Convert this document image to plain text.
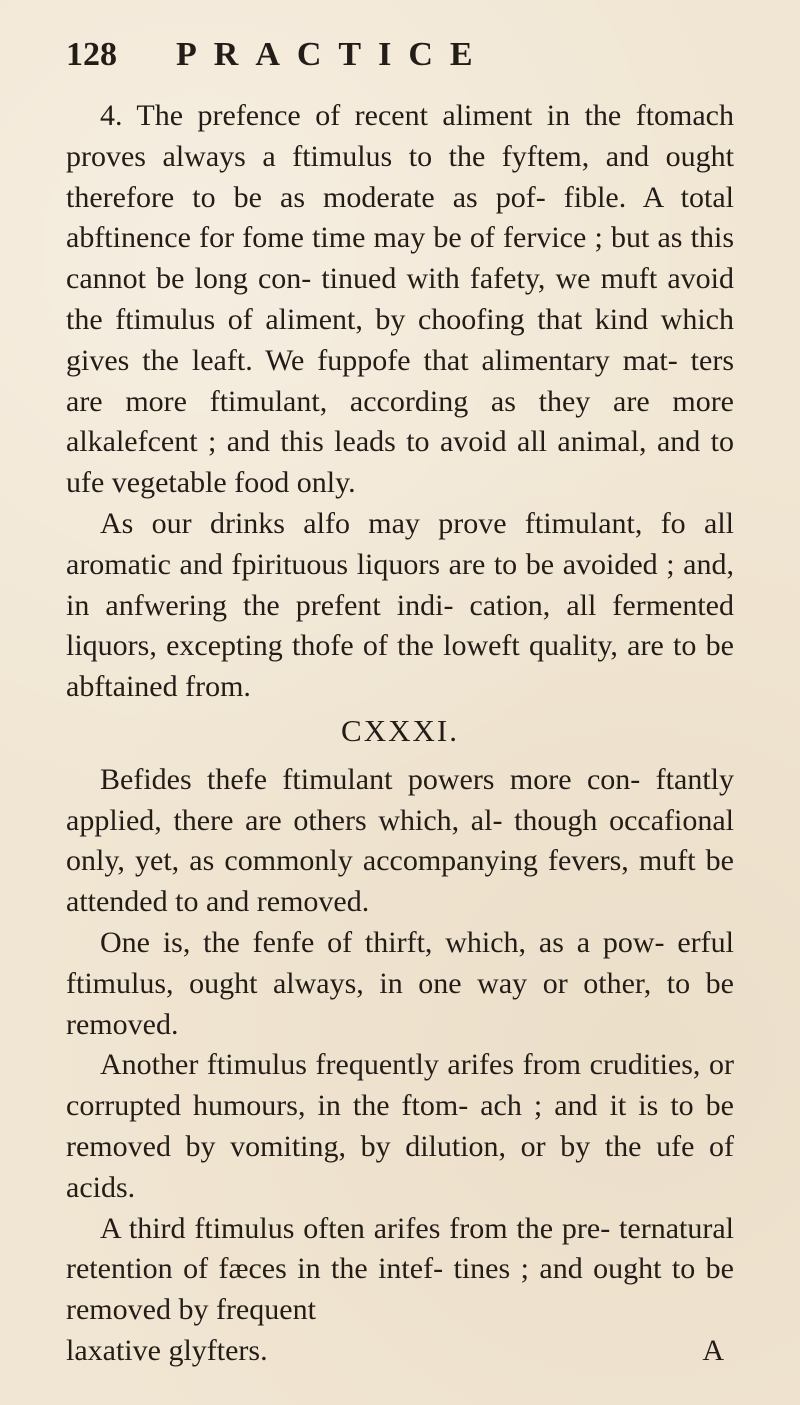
128	PRACTICE

4. The prefence of recent aliment in the ftomach proves always a ftimulus to the fyftem, and ought therefore to be as moderate as pof- fible. A total abftinence for fome time may be of fervice ; but as this cannot be long con- tinued with fafety, we muft avoid the ftimulus of aliment, by choofing that kind which gives the leaft. We fuppofe that alimentary mat- ters are more ftimulant, according as they are more alkalefcent ; and this leads to avoid all animal, and to ufe vegetable food only.

As our drinks alfo may prove ftimulant, fo all aromatic and fpirituous liquors are to be avoided ; and, in anfwering the prefent indi- cation, all fermented liquors, excepting thofe of the loweft quality, are to be abftained from.

CXXXI.

Befides thefe ftimulant powers more con- ftantly applied, there are others which, al- though occafional only, yet, as commonly accompanying fevers, muft be attended to and removed.

One is, the fenfe of thirft, which, as a pow- erful ftimulus, ought always, in one way or other, to be removed.

Another ftimulus frequently arifes from crudities, or corrupted humours, in the ftom- ach ; and it is to be removed by vomiting, by dilution, or by the ufe of acids.

A third ftimulus often arifes from the pre- ternatural retention of fæces in the intef- tines ; and ought to be removed by frequent

laxative glyfters.	A
